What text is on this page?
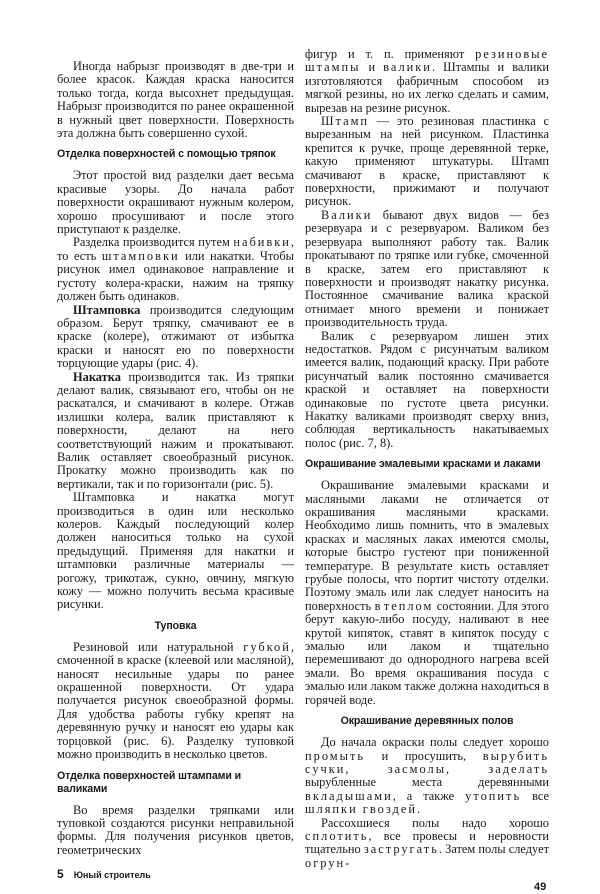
Иногда набрызг производят в две-три и более красок. Каждая краска наносится только тогда, когда высохнет предыдущая. Набрызг производится по ранее окрашенной в нужный цвет поверхности. Поверхность эта должна быть совершенно сухой.

Отделка поверхностей с помощью тряпок

Этот простой вид разделки дает весьма красивые узоры. До начала работ поверхности окрашивают нужным колером, хорошо просушивают и после этого приступают к разделке.

Разделка производится путем набивки, то есть штамповки или накатки. Чтобы рисунок имел одинаковое направление и густоту колера-краски, нажим на тряпку должен быть одинаков.

Штамповка производится следующим образом. Берут тряпку, смачивают ее в краске (колере), отжимают от избытка краски и наносят ею по поверхности торцующие удары (рис. 4).

Накатка производится так. Из тряпки делают валик, связывают его, чтобы он не раскатался, и смачивают в колере. Отжав излишки колера, валик приставляют к поверхности, делают на него соответствующий нажим и прокатывают. Валик оставляет своеобразный рисунок. Прокатку можно производить как по вертикали, так и по горизонтали (рис. 5).

Штамповка и накатка могут производиться в один или несколько колеров. Каждый последующий колер должен наноситься только на сухой предыдущий. Применяя для накатки и штамповки различные материалы — рогожу, трикотаж, сукно, овчину, мягкую кожу — можно получить весьма красивые рисунки.

Туповка

Резиновой или натуральной губкой, смоченной в краске (клеевой или масляной), наносят несильные удары по ранее окрашенной поверхности. От удара получается рисунок своеобразной формы. Для удобства работы губку крепят на деревянную ручку и наносят ею удары как торцовкой (рис. 6). Разделку туповкой можно производить в несколько цветов.

Отделка поверхностей штампами и валиками

Во время разделки тряпками или туповкой создаются рисунки неправильной формы. Для получения рисунков цветов, геометрических

фигур и т. п. применяют резиновые штампы и валики. Штампы и валики изготовляются фабричным способом из мягкой резины, но их легко сделать и самим, вырезав на резине рисунок.

Штамп — это резиновая пластинка с вырезанным на ней рисунком. Пластинка крепится к ручке, проще деревянной терке, какую применяют штукатуры. Штамп смачивают в краске, приставляют к поверхности, прижимают и получают рисунок.

Валики бывают двух видов — без резервуара и с резервуаром. Валиком без резервуара выполняют работу так. Валик прокатывают по тряпке или губке, смоченной в краске, затем его приставляют к поверхности и производят накатку рисунка. Постоянное смачивание валика краской отнимает много времени и понижает производительность труда.

Валик с резервуаром лишен этих недостатков. Рядом с рисунчатым валиком имеется валик, подающий краску. При работе рисунчатый валик постоянно смачивается краской и оставляет на поверхности одинаковые по густоте цвета рисунки. Накатку валиками производят сверху вниз, соблюдая вертикальность накатываемых полос (рис. 7, 8).

Окрашивание эмалевыми красками и лаками

Окрашивание эмалевыми красками и масляными лаками не отличается от окрашивания масляными красками. Необходимо лишь помнить, что в эмалевых красках и масляных лаках имеются смолы, которые быстро густеют при пониженной температуре. В результате кисть оставляет грубые полосы, что портит чистоту отделки. Поэтому эмаль или лак следует наносить на поверхность в теплом состоянии. Для этого берут какую-либо посуду, наливают в нее крутой кипяток, ставят в кипяток посуду с эмалью или лаком и тщательно перемешивают до однородного нагрева всей эмали. Во время окрашивания посуда с эмалью или лаком также должна находиться в горячей воде.

Окрашивание деревянных полов

До начала окраски полы следует хорошо промыть и просушить, вырубить сучки, засмолы, заделать вырубленные места деревянными вкладышами, а также утопить все шляпки гвоздей.

Рассохшиеся полы надо хорошо сплотить, все провесы и неровности тщательно застругать. Затем полы следует огрун-

5 Юный строитель
49
